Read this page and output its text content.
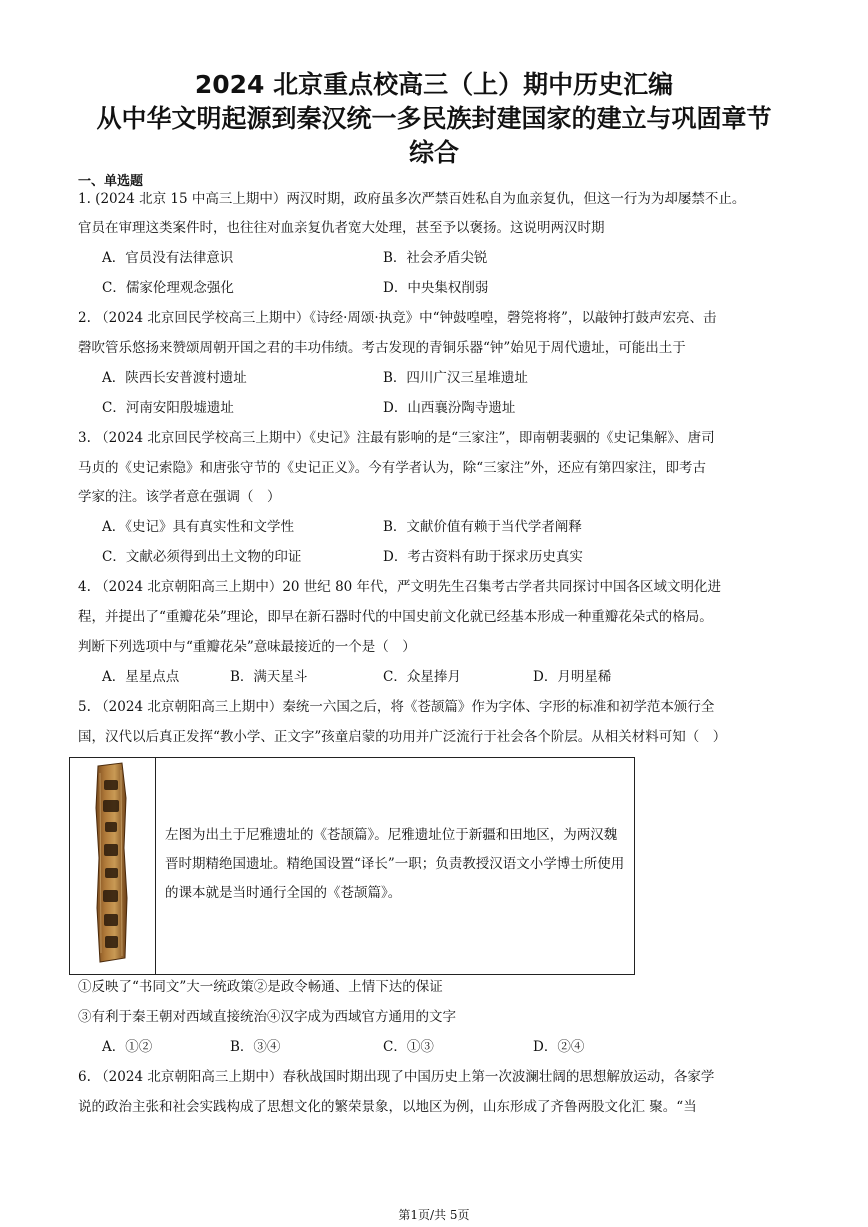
2024 北京重点校高三（上）期中历史汇编
从中华文明起源到秦汉统一多民族封建国家的建立与巩固章节
综合
一、单选题
1. (2024 北京 15 中高三上期中）两汉时期，政府虽多次严禁百姓私自为血亲复仇，但这一行为为却屡禁不止。
官员在审理这类案件时，也往往对血亲复仇者宽大处理，甚至予以褒扬。这说明两汉时期
A．官员没有法律意识	B．社会矛盾尖锐
C．儒家伦理观念强化	D．中央集权削弱
2. （2024 北京回民学校高三上期中）《诗经·周颂·执竞》中“钟鼓喤喤，磬筦将将”，以敲钟打鼓声宏亮、击
磬吹管乐悠扬来赞颂周朝开国之君的丰功伟绩。考古发现的青铜乐器“钟”始见于周代遗址，可能出土于
A．陕西长安普渡村遗址	B．四川广汉三星堆遗址
C．河南安阳殷墟遗址	D．山西襄汾陶寺遗址
3. （2024 北京回民学校高三上期中）《史记》注最有影响的是“三家注”，即南朝裴骃的《史记集解》、唐司
马贞的《史记索隐》和唐张守节的《史记正义》。今有学者认为，除“三家注”外，还应有第四家注，即考古
学家的注。该学者意在强调（　）
A．《史记》具有真实性和文学性	B．文献价值有赖于当代学者阐释
C．文献必须得到出土文物的印证	D．考古资料有助于探求历史真实
4. （2024 北京朝阳高三上期中）20 世纪 80 年代，严文明先生召集考古学者共同探讨中国各区域文明化进
程，并提出了“重瓣花朵”理论，即早在新石器时代的中国史前文化就已经基本形成一种重瓣花朵式的格局。
判断下列选项中与“重瓣花朵”意味最接近的一个是（　）
A．星星点点	B．满天星斗	C．众星捧月	D．月明星稀
5. （2024 北京朝阳高三上期中）秦统一六国之后，将《苍颉篇》作为字体、字形的标准和初学范本颁行全
国，汉代以后真正发挥“教小学、正文字”孩童启蒙的功用并广泛流行于社会各个阶层。从相关材料可知（　）
左图为出土于尼雅遗址的《苍颉篇》。尼雅遗址位于新疆和田地区，为两汉魏晋时期精绝国遗址。精绝国设置“译长”一职；负责教授汉语文小学博士所使用的课本就是当时通行全国的《苍颉篇》。
①反映了“书同文”大一统政策②是政令畅通、上情下达的保证
③有利于秦王朝对西域直接统治④汉字成为西域官方通用的文字
A．①②	B．③④	C．①③	D．②④
6. （2024 北京朝阳高三上期中）春秋战国时期出现了中国历史上第一次波澜壮阔的思想解放运动，各家学
说的政治主张和社会实践构成了思想文化的繁荣景象，以地区为例，山东形成了齐鲁两股文化汇 聚。“当
第1页/共 5页
